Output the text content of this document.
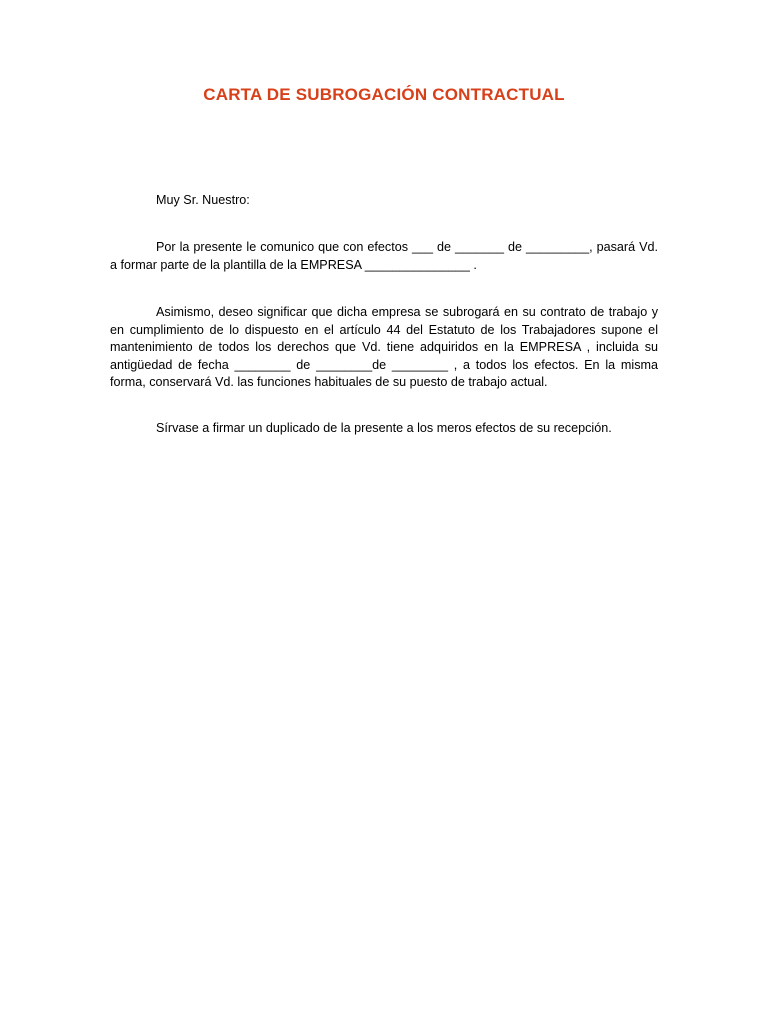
CARTA DE SUBROGACIÓN CONTRACTUAL
Muy Sr. Nuestro:
Por la presente le comunico que con efectos ___ de _______ de _________, pasará Vd. a formar parte de la plantilla de la EMPRESA _______________ .
Asimismo, deseo significar que dicha empresa se subrogará en su contrato de trabajo y en cumplimiento de lo dispuesto en el artículo 44 del Estatuto de los Trabajadores supone el mantenimiento de todos los derechos que Vd. tiene adquiridos en la EMPRESA , incluida su antigüedad de fecha ________ de ________de ________ , a todos los efectos. En la misma forma, conservará Vd. las funciones habituales de su puesto de trabajo actual.
Sírvase a firmar un duplicado de la presente a los meros efectos de su recepción.
